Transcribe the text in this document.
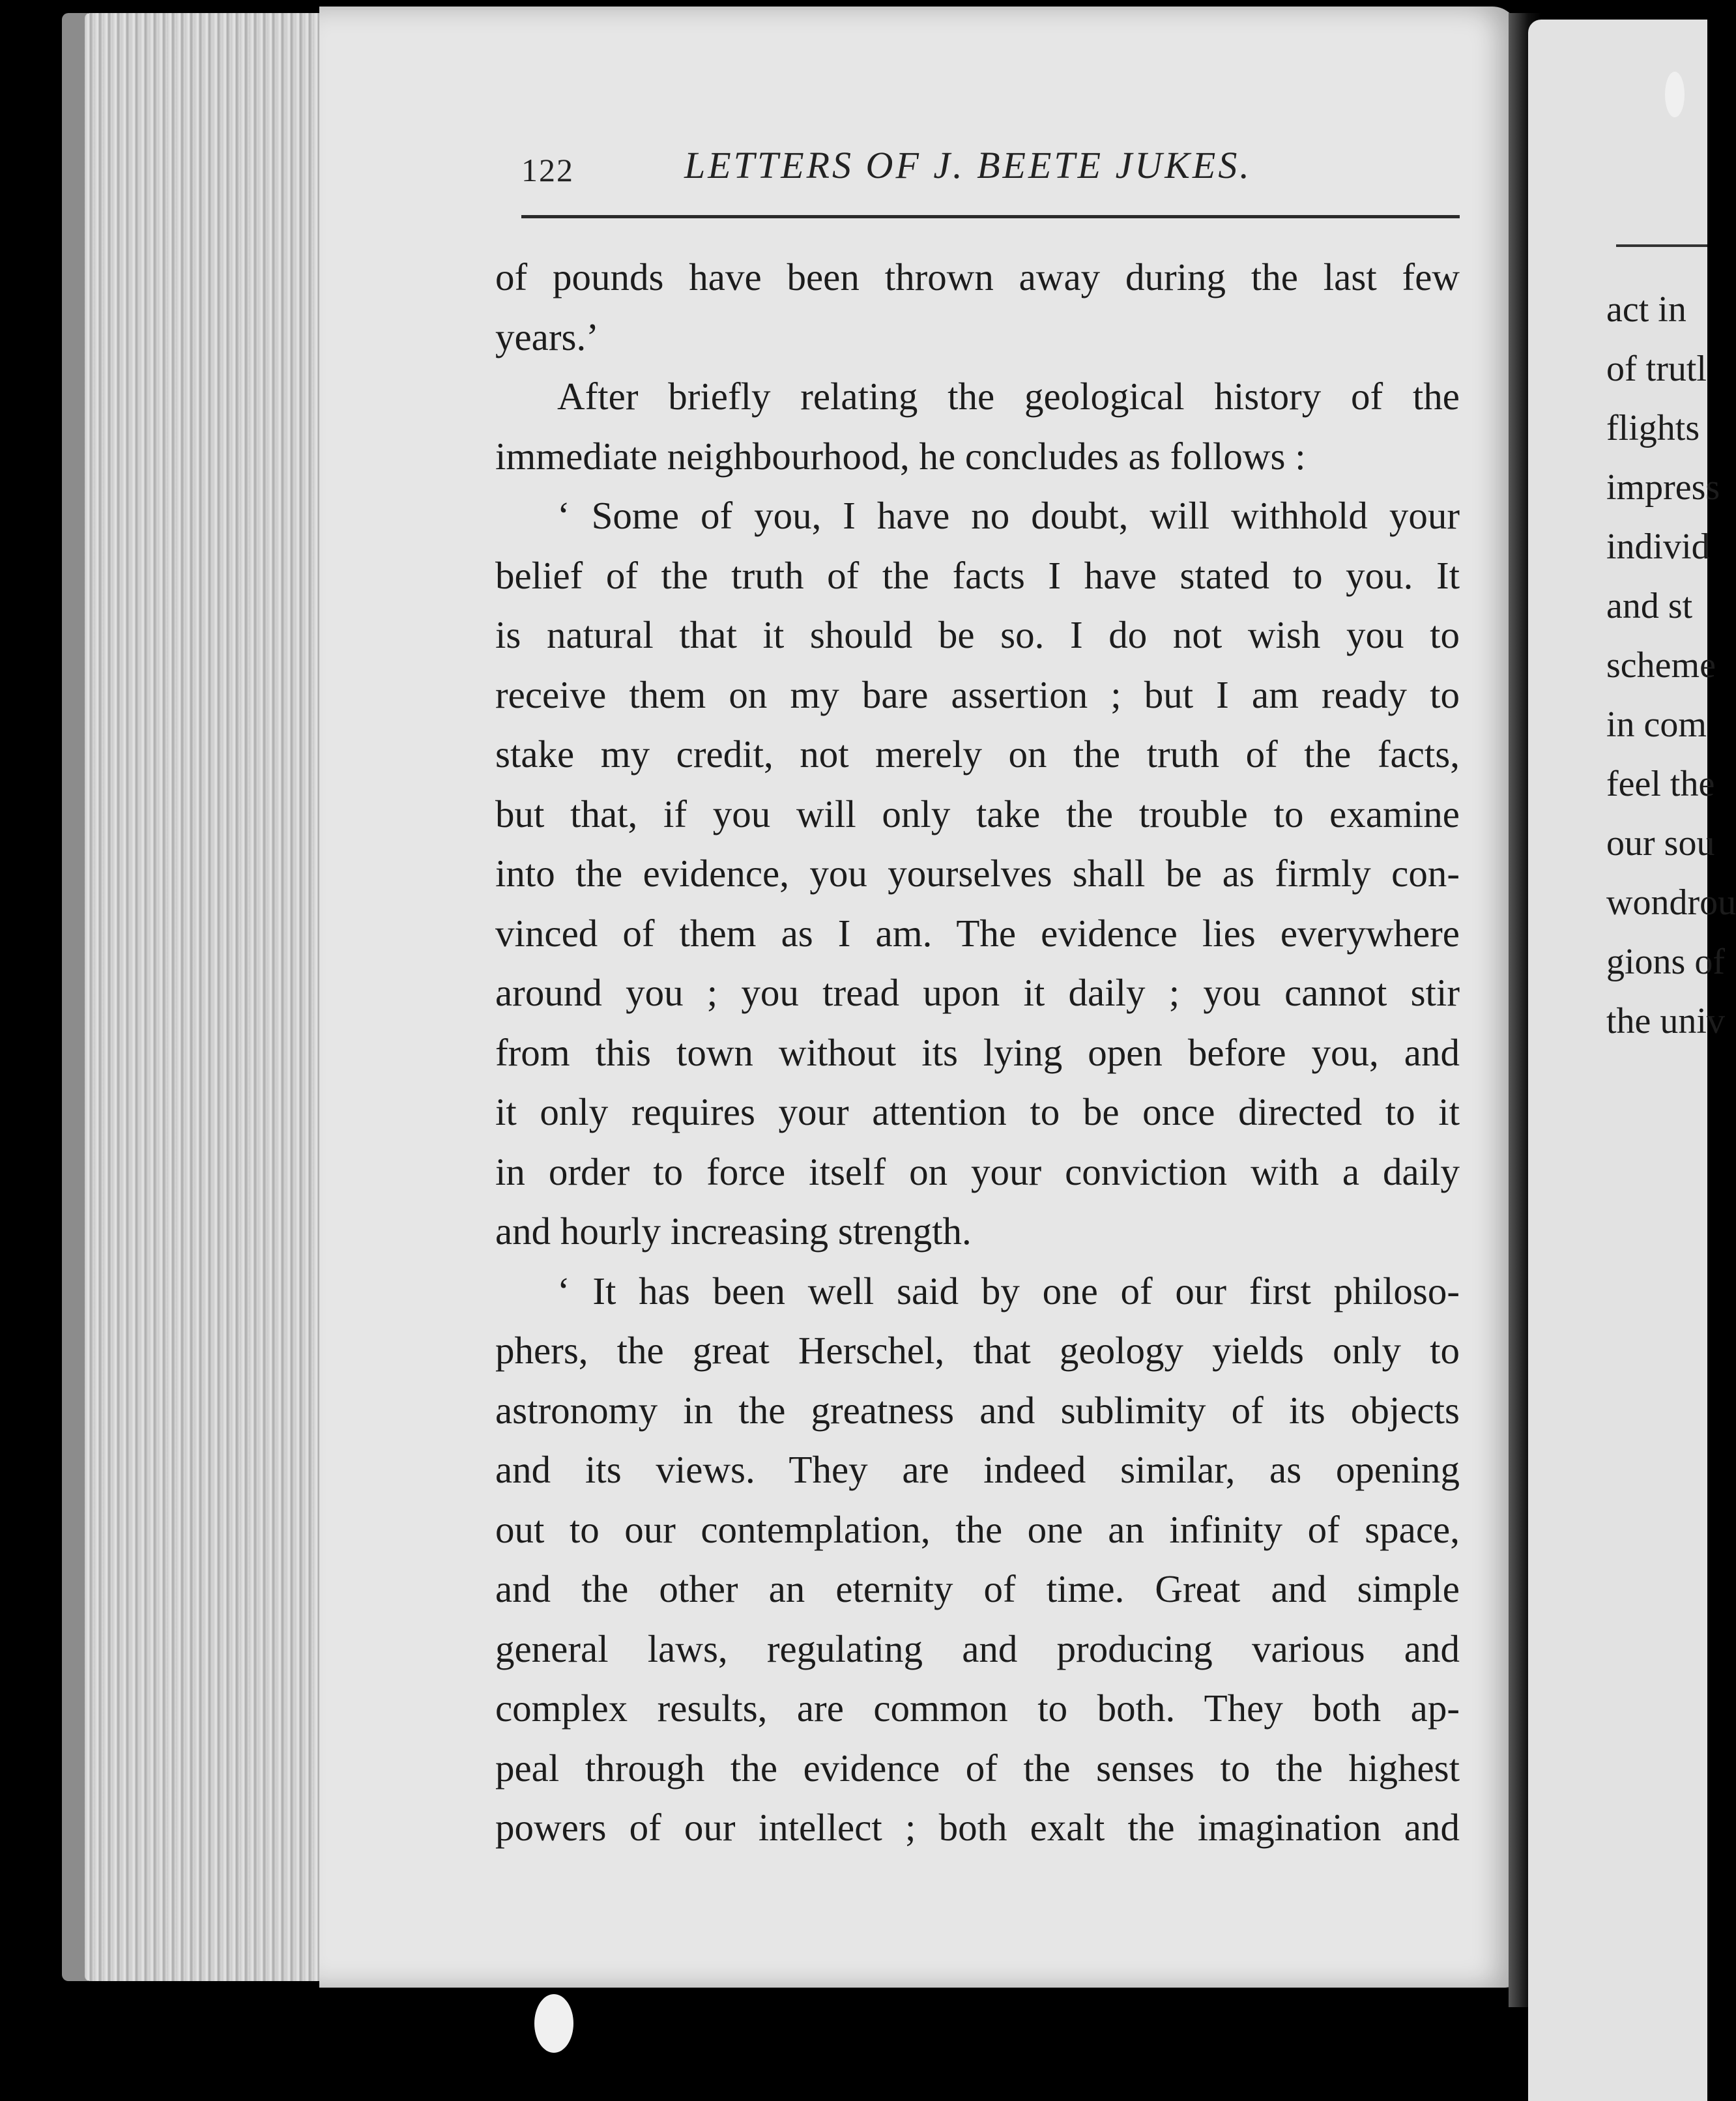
122	LETTERS OF J. BEETE JUKES.
of pounds have been thrown away during the last few
years.’
After briefly relating the geological history of the
immediate neighbourhood, he concludes as follows :
‘ Some of you, I have no doubt, will withhold your
belief of the truth of the facts I have stated to you. It
is natural that it should be so. I do not wish you to
receive them on my bare assertion ; but I am ready to
stake my credit, not merely on the truth of the facts,
but that, if you will only take the trouble to examine
into the evidence, you yourselves shall be as firmly con-
vinced of them as I am. The evidence lies everywhere
around you ; you tread upon it daily ; you cannot stir
from this town without its lying open before you, and
it only requires your attention to be once directed to it
in order to force itself on your conviction with a daily
and hourly increasing strength.
‘ It has been well said by one of our first philoso-
phers, the great Herschel, that geology yields only to
astronomy in the greatness and sublimity of its objects
and its views. They are indeed similar, as opening
out to our contemplation, the one an infinity of space,
and the other an eternity of time. Great and simple
general laws, regulating and producing various and
complex results, are common to both. They both ap-
peal through the evidence of the senses to the highest
powers of our intellect ; both exalt the imagination and
act in
of trutl
flights
impress
individ
and st
scheme
in com
feel the
our sou
wondrou
gions of
the univ
